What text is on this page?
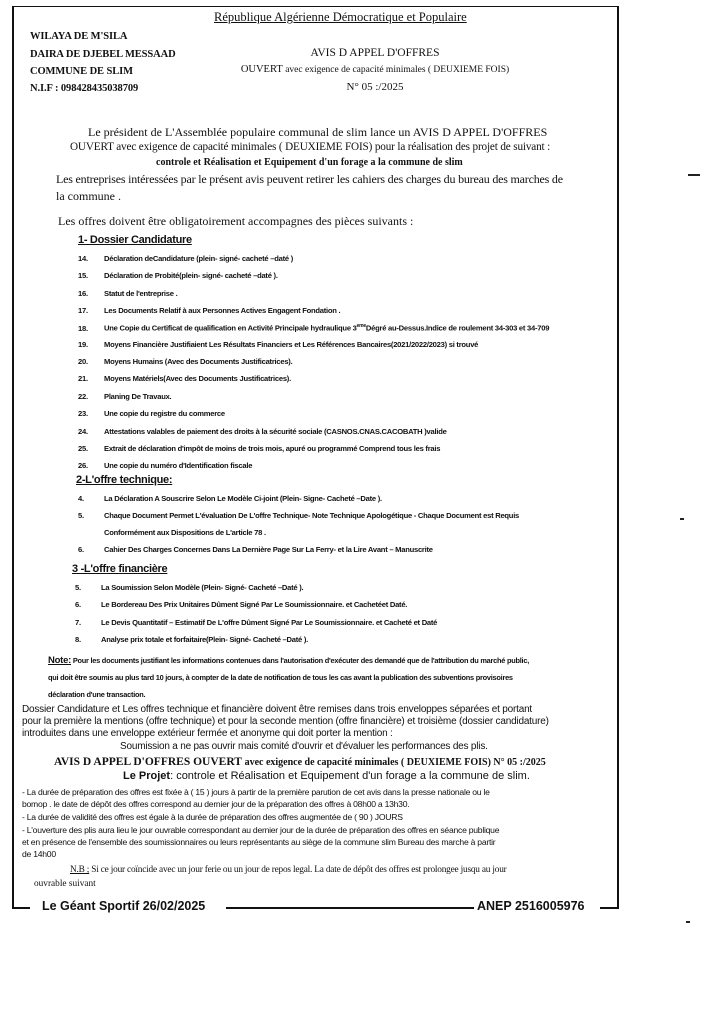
République Algérienne Démocratique et Populaire
WILAYA DE M'SILA
DAIRA DE DJEBEL MESSAAD
COMMUNE DE SLIM
N.I.F : 098428435038709
AVIS D APPEL D'OFFRES
OUVERT avec exigence de capacité minimales ( DEUXIEME FOIS)
N° 05 :/2025
Le président de L'Assemblée populaire communal de slim lance un AVIS D APPEL D'OFFRES
OUVERT avec exigence de capacité minimales ( DEUXIEME FOIS) pour la réalisation des projet de suivant :
controle et Réalisation et Equipement d'un forage a la commune de slim
Les entreprises intéressées par le présent avis peuvent retirer les cahiers des charges du bureau des marches de
la commune .
Les offres doivent être obligatoirement accompagnes des pièces suivants :
1- Dossier Candidature
14. Déclaration deCandidature (plein- signé- cacheté –daté )
15. Déclaration de Probité(plein- signé- cacheté –daté ).
16. Statut de l'entreprise .
17. Les Documents Relatif à aux Personnes Actives Engagent Fondation .
18. Une Copie du Certificat de qualification en Activité Principale hydraulique 3emeDégré au-Dessus.Indice de roulement 34-303 et 34-709
19. Moyens Financière Justifiaient Les Résultats Financiers et Les Références Bancaires(2021/2022/2023) si trouvé
20. Moyens Humains (Avec des Documents Justificatrices).
21. Moyens Matériels(Avec des Documents Justificatrices).
22. Planing De Travaux.
23. Une copie du registre du commerce
24. Attestations valables de paiement des droits à la sécurité sociale (CASNOS.CNAS.CACOBATH )valide
25. Extrait de déclaration d'impôt de moins de trois mois, apuré ou programmé Comprend tous les frais
26. Une copie du numéro d'Identification fiscale
2-L'offre technique:
4.	La Déclaration A Souscrire Selon Le Modèle Ci-joint (Plein- Signe- Cacheté –Date ).
5.	Chaque Document Permet L'évaluation De L'offre Technique- Note Technique Apologétique - Chaque Document est Requis
Conformément aux Dispositions de L'article 78 .
6.	Cahier Des Charges Concernes Dans La Dernière Page Sur La Ferry- et la Lire Avant – Manuscrite
3 -L'offre financière
5.	La Soumission Selon Modèle (Plein- Signé- Cacheté –Daté ).
6.	Le Bordereau Des Prix Unitaires Dûment Signé Par Le Soumissionnaire. et Cachetéet Daté.
7.	Le Devis Quantitatif – Estimatif De L'offre Dûment Signé Par Le Soumissionnaire. et Cacheté et Daté
8.	Analyse prix totale et forfaitaire(Plein- Signé- Cacheté –Daté ).
Note: Pour les documents justifiant les informations contenues dans l'autorisation d'exécuter des demandé que de l'attribution du marché public,
qui doit être soumis au plus tard 10 jours, à compter de la date de notification de tous les cas avant la publication des subventions provisoires
déclaration d'une transaction.
Dossier Candidature et Les offres technique et financière doivent être remises dans trois enveloppes séparées et portant
pour la première la mentions (offre technique) et pour la seconde mention (offre financière) et troisième (dossier candidature)
introduites dans une enveloppe extérieur fermée et anonyme qui doit porter la mention :
Soumission a ne pas ouvrir mais comité d'ouvrir et d'évaluer les performances des plis.
AVIS D APPEL D'OFFRES OUVERT avec exigence de capacité minimales ( DEUXIEME FOIS) N° 05 :/2025
Le Projet: controle et Réalisation et Equipement d'un forage a la commune de slim.
- La durée de préparation des offres est fixée à ( 15 ) jours à partir de la première parution de cet avis dans la presse nationale ou le
bomop . le date de dépôt des offres correspond au dernier jour de la préparation des offres à 08h00 a 13h30.
- La durée de validité des offres est égale à la durée de préparation des offres augmentée de ( 90 ) JOURS
- L'ouverture des plis aura lieu le jour ouvrable correspondant au dernier jour de la durée de préparation des offres en séance publique
et en présence de l'ensemble des soumissionnaires ou leurs représentants au siège de la commune slim Bureau des marche à partir
de 14h00
N.B ; Si ce jour coïncide avec un jour ferie ou un jour de repos legal. La date de dépôt des offres est prolongee jusqu au jour
ouvrable suivant
Le Géant Sportif 26/02/2025	ANEP 2516005976
